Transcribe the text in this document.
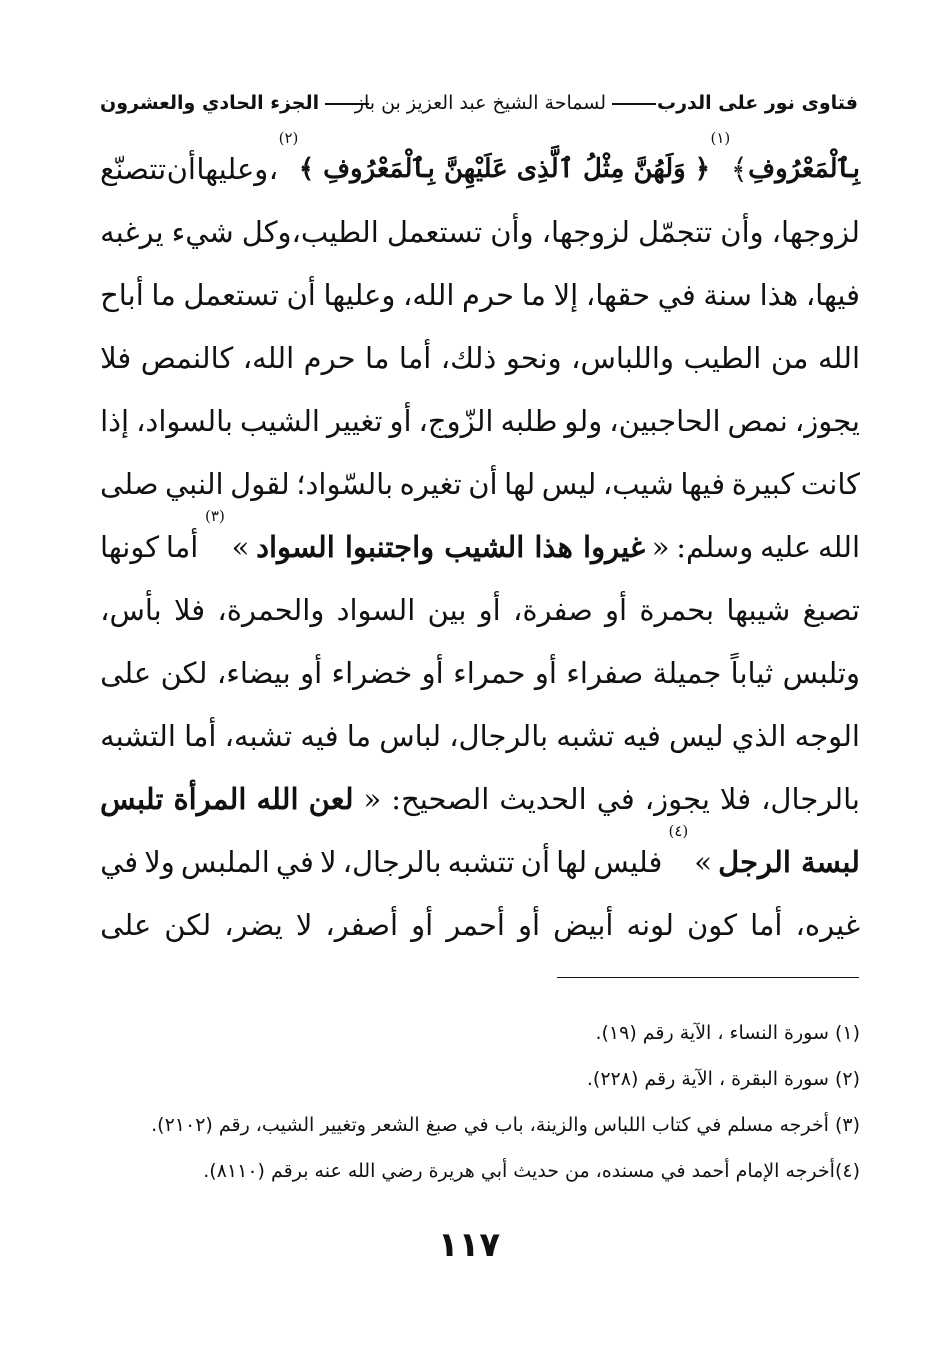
فتاوى نور على الدرب
لسماحة الشيخ عبد العزيز بن باز
الجزء الحادي والعشرون
بِٱلْمَعْرُوفِ
﴾
(١)
﴿ وَلَهُنَّ مِثْلُ ٱلَّذِى عَلَيْهِنَّ بِٱلْمَعْرُوفِ ﴾
(٢)
،
وعليها
أن
تتصنّع
لزوجها،
وأن
تتجمّل
لزوجها،
وأن
تستعمل
الطيب،وكل
شيء
يرغبه
فيها،
هذا
سنة
في
حقها،
إلا
ما
حرم
الله،
وعليها
أن
تستعمل
ما
أباح
الله
من
الطيب
واللباس،
ونحو
ذلك،
أما
ما
حرم
الله،
كالنمص
فلا
يجوز،
نمص
الحاجبين،
ولو
طلبه
الزّوج،
أو
تغيير
الشيب
بالسواد،
إذا
كانت
كبيرة
فيها
شيب،
ليس
لها
أن
تغيره
بالسّواد؛
لقول
النبي
صلى
الله
عليه
وسلم:
«
غيروا هذا الشيب واجتنبوا السواد
»
(٣)
أما
كونها
تصبغ
شيبها
بحمرة
أو
صفرة،
أو
بين
السواد
والحمرة،
فلا
بأس،
وتلبس
ثياباً
جميلة
صفراء
أو
حمراء
أو
خضراء
أو
بيضاء،
لكن
على
الوجه
الذي
ليس
فيه
تشبه
بالرجال،
لباس
ما
فيه
تشبه،
أما
التشبه
بالرجال،
فلا
يجوز،
في
الحديث
الصحيح:
«
لعن الله المرأة تلبس
لبسة الرجل
»
(٤)
فليس
لها
أن
تتشبه
بالرجال،
لا
في
الملبس
ولا
في
غيره،
أما
كون
لونه
أبيض
أو
أحمر
أو
أصفر،
لا
يضر،
لكن
على
(١) سورة النساء ، الآية رقم (١٩).
(٢) سورة البقرة ، الآية رقم (٢٢٨).
(٣) أخرجه مسلم في كتاب اللباس والزينة، باب في صبغ الشعر وتغيير الشيب، رقم (٢١٠٢).
(٤)أخرجه الإمام أحمد في مسنده، من حديث أبي هريرة رضي الله عنه برقم (٨١١٠).
١١٧
